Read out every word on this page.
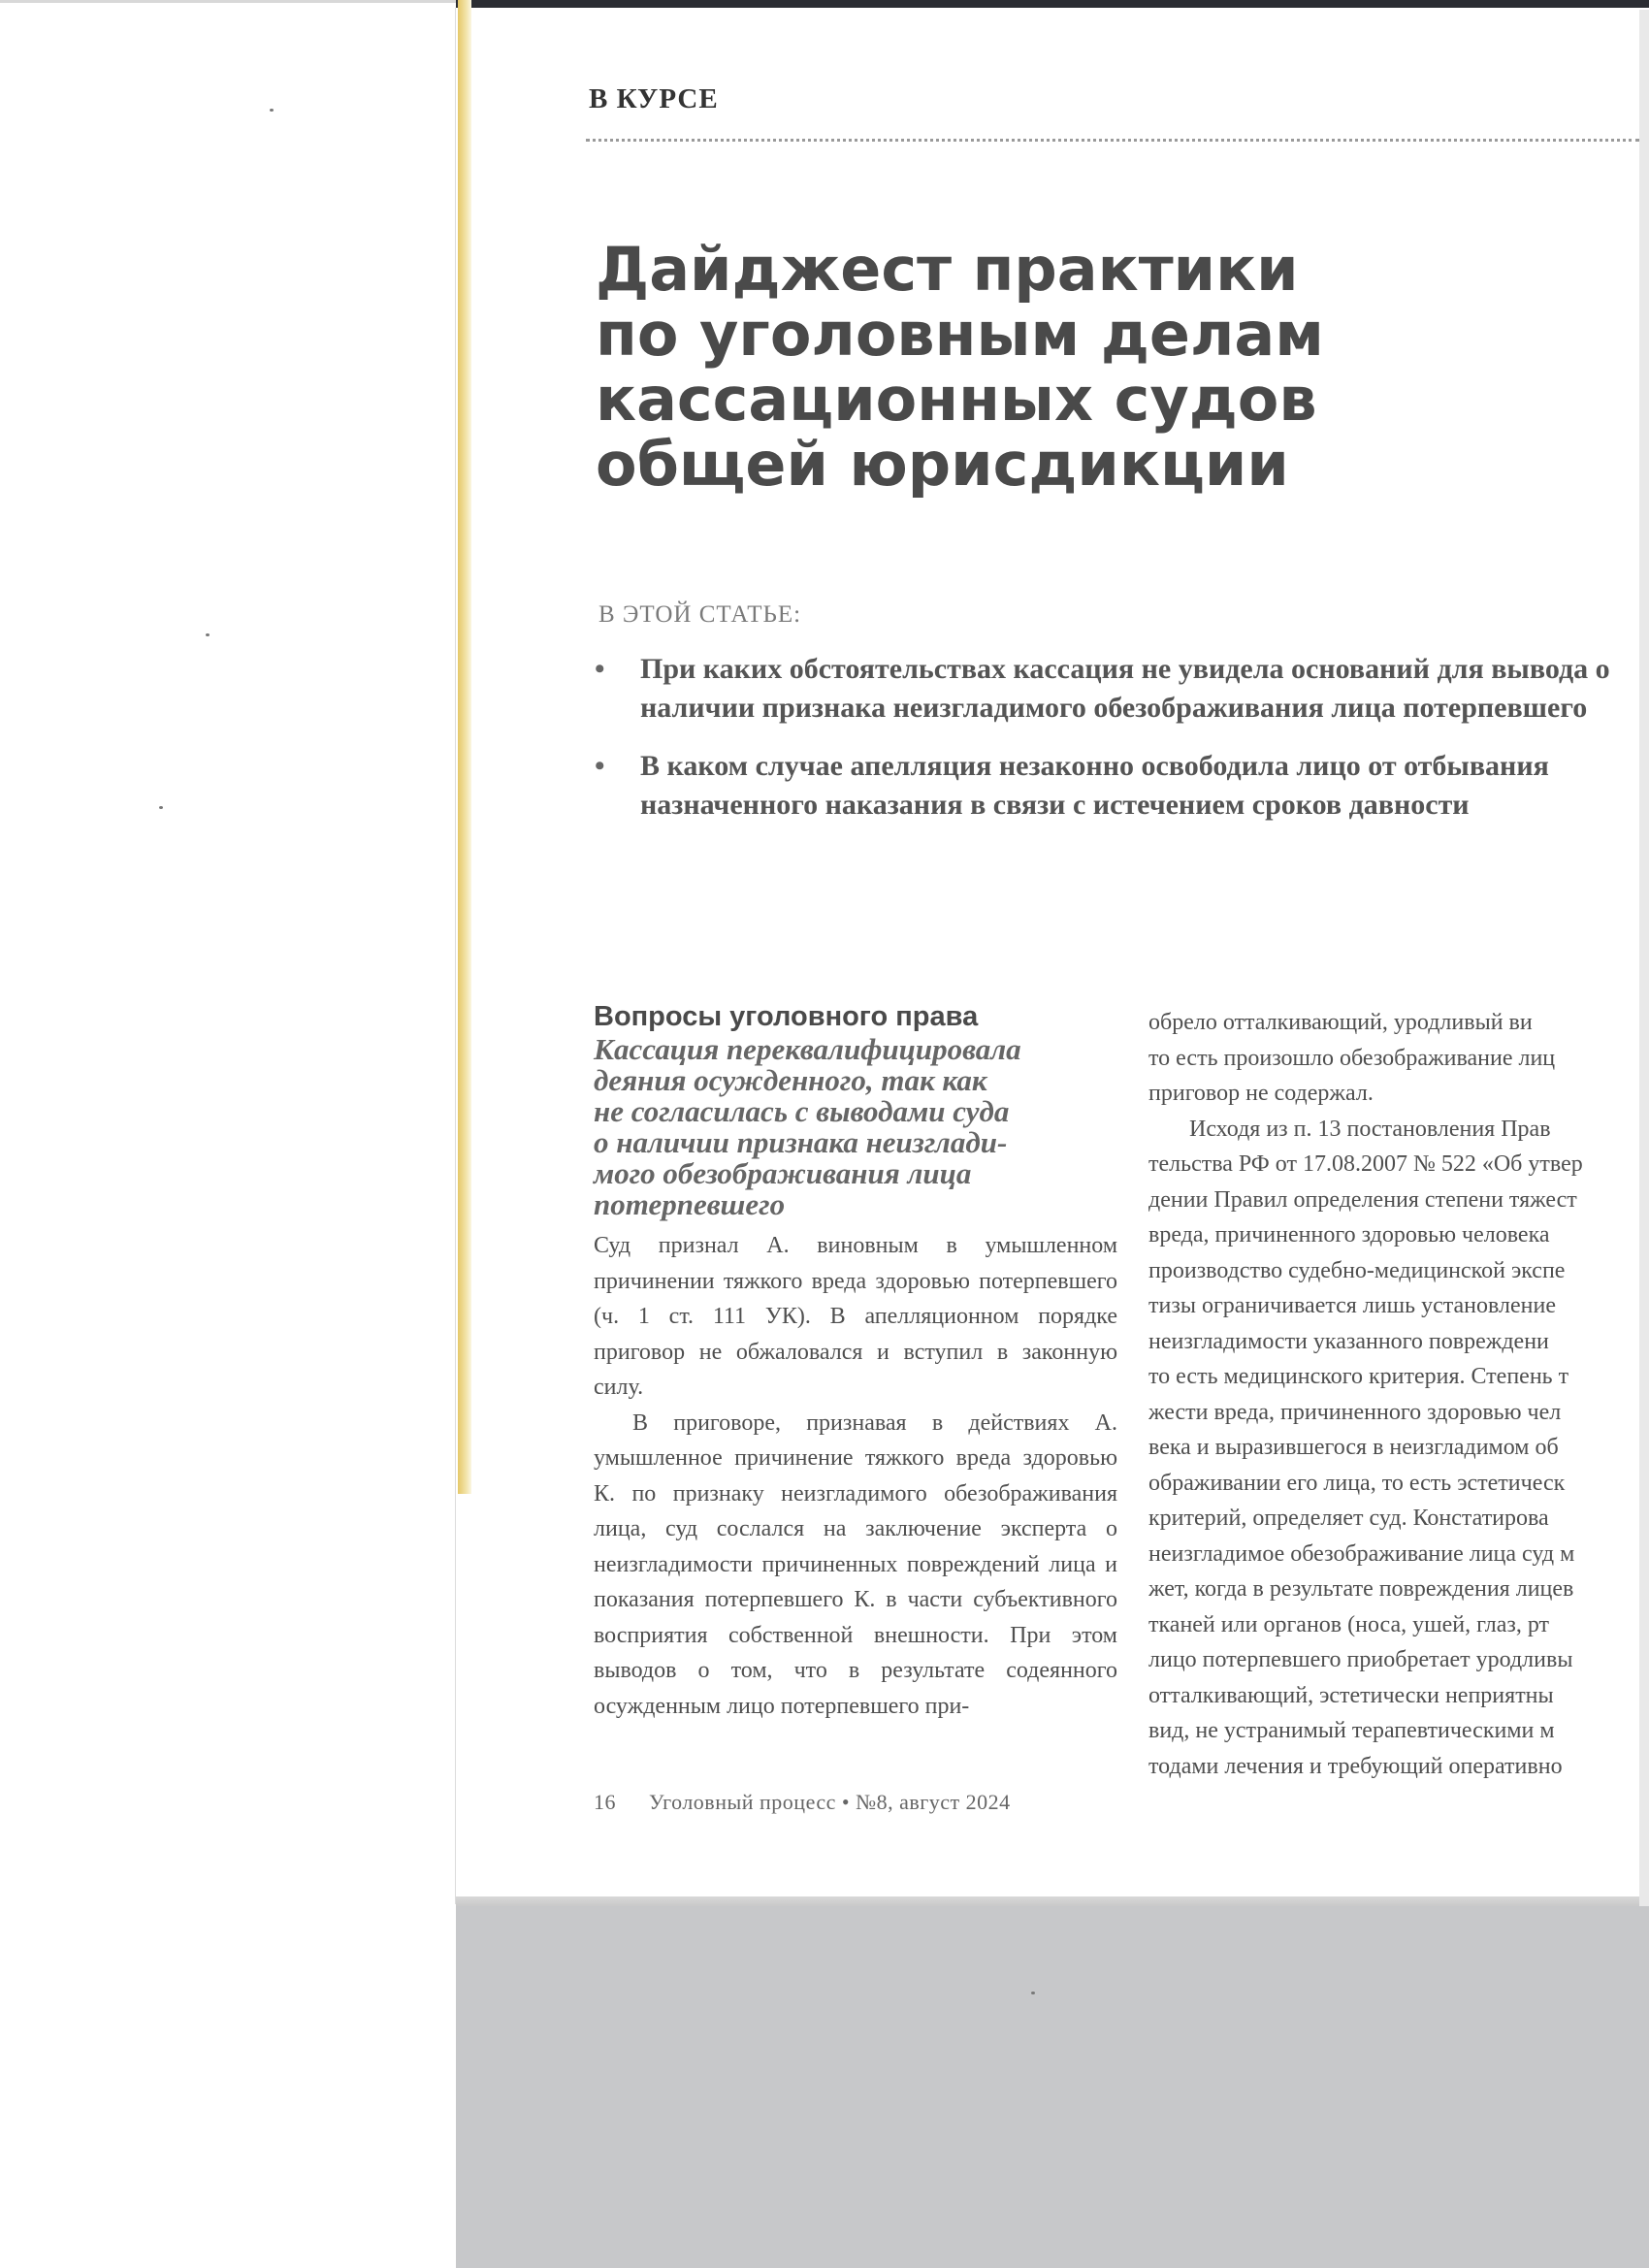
В КУРСЕ
Дайджест практики
по уголовным делам
кассационных судов
общей юрисдикции

В ЭТОЙ СТАТЬЕ:

• При каких обстоятельствах кассация не увидела оснований для вывода о наличии признака неизгладимого обезображивания лица потерпевшего
• В каком случае апелляция незаконно освободила лицо от отбывания назначенного наказания в связи с истечением сроков давности
Вопросы уголовного права
Кассация переквалифицировала
деяния осужденного, так как
не согласилась с выводами суда
о наличии признака неизглади-
мого обезображивания лица
потерпевшего

Суд признал А. виновным в умышленном причинении тяжкого вреда здоровью потерпевшего (ч. 1 ст. 111 УК). В апелляционном порядке приговор не обжаловался и вступил в законную силу.

В приговоре, признавая в действиях А. умышленное причинение тяжкого вреда здоровью К. по признаку неизгладимого обезображивания лица, суд сослался на заключение эксперта о неизгладимости причиненных повреждений лица и показания потерпевшего К. в части субъективного восприятия собственной внешности. При этом выводов о том, что в результате содеянного осужденным лицо потерпевшего при-

обрело отталкивающий, уродливый ви
то есть произошло обезображивание лиц
приговор не содержал.
Исходя из п. 13 постановления Прав
тельства РФ от 17.08.2007 № 522 «Об утвер
дении Правил определения степени тяжест
вреда, причиненного здоровью человека
производство судебно-медицинской экспе
тизы ограничивается лишь установление
неизгладимости указанного повреждени
то есть медицинского критерия. Степень т
жести вреда, причиненного здоровью чел
века и выразившегося в неизгладимом об
ображивании его лица, то есть эстетическ
критерий, определяет суд. Констатирова
неизгладимое обезображивание лица суд м
жет, когда в результате повреждения лицев
тканей или органов (носа, ушей, глаз, рт
лицо потерпевшего приобретает уродливы
отталкивающий, эстетически неприятны
вид, не устранимый терапевтическими м
тодами лечения и требующий оперативно

16 Уголовный процесс • №8, август 2024
